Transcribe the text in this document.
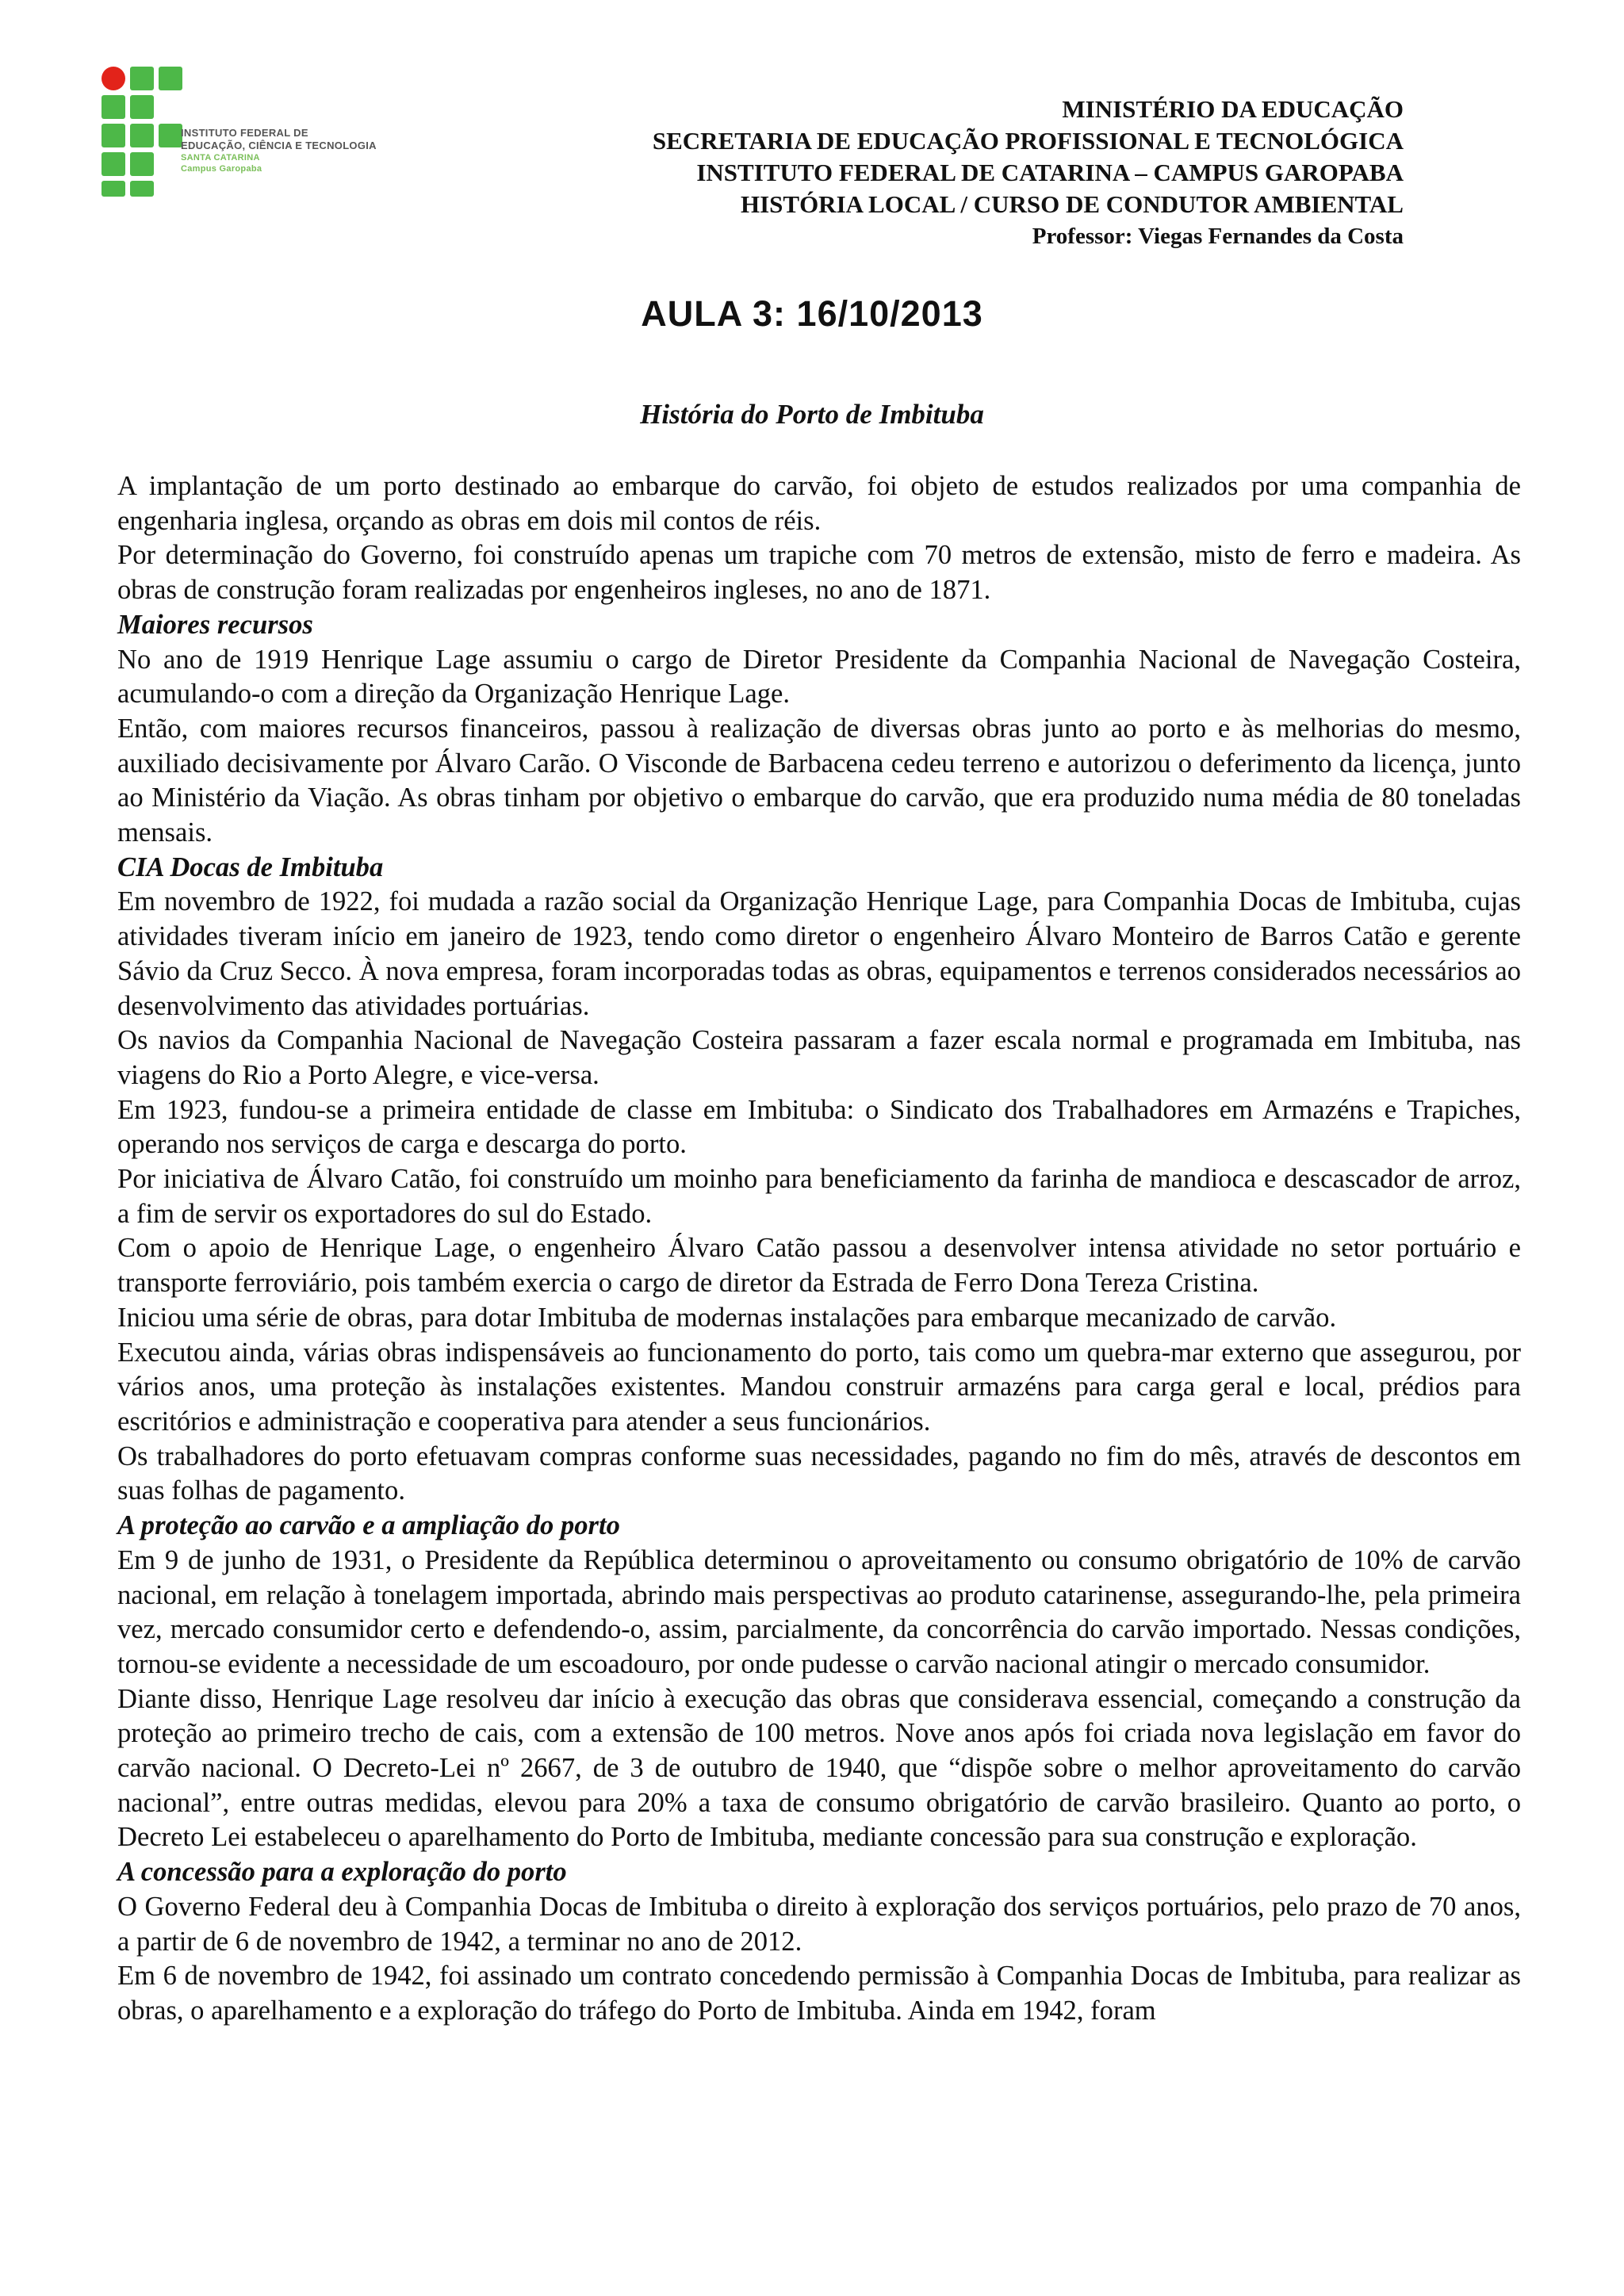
INSTITUTO FEDERAL DE
EDUCAÇÃO, CIÊNCIA E TECNOLOGIA
SANTA CATARINA
Campus Garopaba
MINISTÉRIO DA EDUCAÇÃO
SECRETARIA DE EDUCAÇÃO PROFISSIONAL E TECNOLÓGICA
INSTITUTO FEDERAL DE CATARINA – CAMPUS GAROPABA
HISTÓRIA LOCAL / CURSO DE CONDUTOR AMBIENTAL
Professor: Viegas Fernandes da Costa
AULA 3: 16/10/2013
História do Porto de Imbituba

A implantação de um porto destinado ao embarque do carvão, foi objeto de estudos realizados por uma companhia de engenharia inglesa, orçando as obras em dois mil contos de réis.

Por determinação do Governo, foi construído apenas um trapiche com 70 metros de extensão, misto de ferro e madeira. As obras de construção foram realizadas por engenheiros ingleses, no ano de 1871.

Maiores recursos

No ano de 1919 Henrique Lage assumiu o cargo de Diretor Presidente da Companhia Nacional de Navegação Costeira, acumulando-o com a direção da Organização Henrique Lage.

Então, com maiores recursos financeiros, passou à realização de diversas obras junto ao porto e às melhorias do mesmo, auxiliado decisivamente por Álvaro Carão. O Visconde de Barbacena cedeu terreno e autorizou o deferimento da licença, junto ao Ministério da Viação. As obras tinham por objetivo o embarque do carvão, que era produzido numa média de 80 toneladas mensais.

CIA Docas de Imbituba

Em novembro de 1922, foi mudada a razão social da Organização Henrique Lage, para Companhia Docas de Imbituba, cujas atividades tiveram início em janeiro de 1923, tendo como diretor o engenheiro Álvaro Monteiro de Barros Catão e gerente Sávio da Cruz Secco. À nova empresa, foram incorporadas todas as obras, equipamentos e terrenos considerados necessários ao desenvolvimento das atividades portuárias.

Os navios da Companhia Nacional de Navegação Costeira passaram a fazer escala normal e programada em Imbituba, nas viagens do Rio a Porto Alegre, e vice-versa.

Em 1923, fundou-se a primeira entidade de classe em Imbituba: o Sindicato dos Trabalhadores em Armazéns e Trapiches, operando nos serviços de carga e descarga do porto.

Por iniciativa de Álvaro Catão, foi construído um moinho para beneficiamento da farinha de mandioca e descascador de arroz, a fim de servir os exportadores do sul do Estado.

Com o apoio de Henrique Lage, o engenheiro Álvaro Catão passou a desenvolver intensa atividade no setor portuário e transporte ferroviário, pois também exercia o cargo de diretor da Estrada de Ferro Dona Tereza Cristina.

Iniciou uma série de obras, para dotar Imbituba de modernas instalações para embarque mecanizado de carvão.

Executou ainda, várias obras indispensáveis ao funcionamento do porto, tais como um quebra-mar externo que assegurou, por vários anos, uma proteção às instalações existentes. Mandou construir armazéns para carga geral e local, prédios para escritórios e administração e cooperativa para atender a seus funcionários.

Os trabalhadores do porto efetuavam compras conforme suas necessidades, pagando no fim do mês, através de descontos em suas folhas de pagamento.

A proteção ao carvão e a ampliação do porto

Em 9 de junho de 1931, o Presidente da República determinou o aproveitamento ou consumo obrigatório de 10% de carvão nacional, em relação à tonelagem importada, abrindo mais perspectivas ao produto catarinense, assegurando-lhe, pela primeira vez, mercado consumidor certo e defendendo-o, assim, parcialmente, da concorrência do carvão importado. Nessas condições, tornou-se evidente a necessidade de um escoadouro, por onde pudesse o carvão nacional atingir o mercado consumidor.

Diante disso, Henrique Lage resolveu dar início à execução das obras que considerava essencial, começando a construção da proteção ao primeiro trecho de cais, com a extensão de 100 metros. Nove anos após foi criada nova legislação em favor do carvão nacional. O Decreto-Lei nº 2667, de 3 de outubro de 1940, que “dispõe sobre o melhor aproveitamento do carvão nacional”, entre outras medidas, elevou para 20% a taxa de consumo obrigatório de carvão brasileiro. Quanto ao porto, o Decreto Lei estabeleceu o aparelhamento do Porto de Imbituba, mediante concessão para sua construção e exploração.

A concessão para a exploração do porto

O Governo Federal deu à Companhia Docas de Imbituba o direito à exploração dos serviços portuários, pelo prazo de 70 anos, a partir de 6 de novembro de 1942, a terminar no ano de 2012.

Em 6 de novembro de 1942, foi assinado um contrato concedendo permissão à Companhia Docas de Imbituba, para realizar as obras, o aparelhamento e a exploração do tráfego do Porto de Imbituba. Ainda em 1942, foram
